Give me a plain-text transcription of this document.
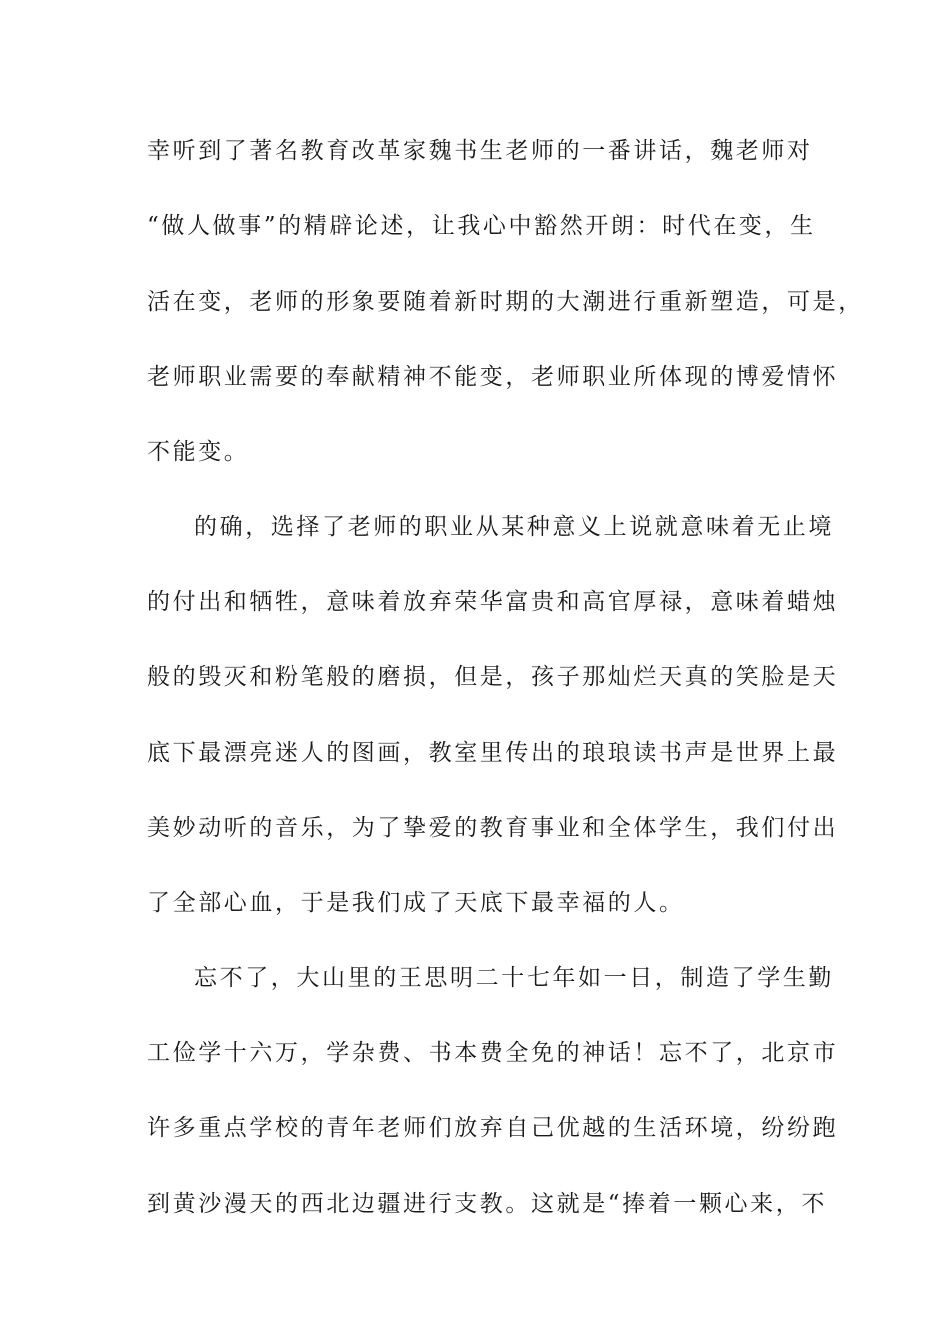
幸听到了著名教育改革家魏书生老师的一番讲话，魏老师对
“做人做事”的精辟论述，让我心中豁然开朗：时代在变，生
活在变，老师的形象要随着新时期的大潮进行重新塑造，可是，
老师职业需要的奉献精神不能变，老师职业所体现的博爱情怀
不能变。
的确，选择了老师的职业从某种意义上说就意味着无止境
的付出和牺牲，意味着放弃荣华富贵和高官厚禄，意味着蜡烛
般的毁灭和粉笔般的磨损，但是，孩子那灿烂天真的笑脸是天
底下最漂亮迷人的图画，教室里传出的琅琅读书声是世界上最
美妙动听的音乐，为了挚爱的教育事业和全体学生，我们付出
了全部心血，于是我们成了天底下最幸福的人。
忘不了，大山里的王思明二十七年如一日，制造了学生勤
工俭学十六万，学杂费、书本费全免的神话！忘不了，北京市
许多重点学校的青年老师们放弃自己优越的生活环境，纷纷跑
到黄沙漫天的西北边疆进行支教。这就是“捧着一颗心来，不
